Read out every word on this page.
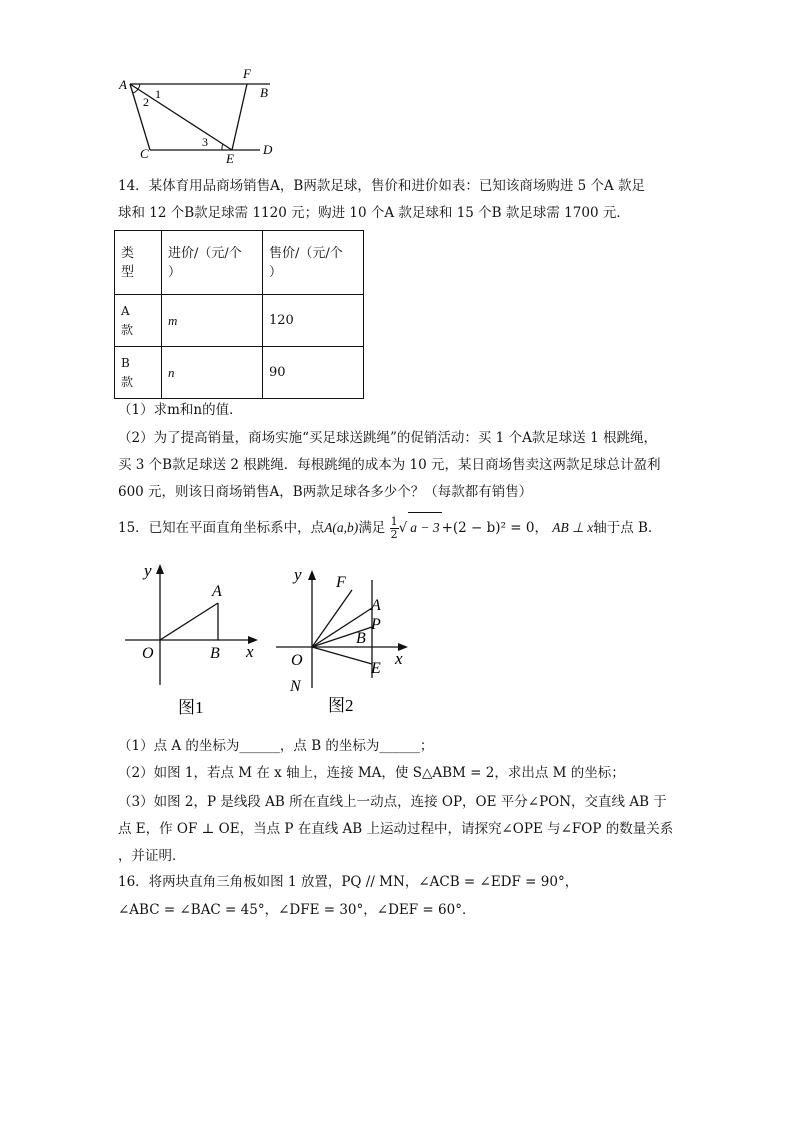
A
F
B
C	E
D
1
2
3
14．某体育用品商场销售A，B两款足球，售价和进价如表：已知该商场购进 5 个A 款足
球和 12 个B款足球需 1120 元；购进 10 个A 款足球和 15 个B 款足球需 1700 元．
类
型	进价/（元/个
）	售价/（元/个
）
A
款	m	120
B
款	n	90
（1）求m和n的值．
（2）为了提高销量，商场实施“买足球送跳绳”的促销活动：买 1 个A款足球送 1 根跳绳，
买 3 个B款足球送 2 根跳绳．每根跳绳的成本为 10 元，某日商场售卖这两款足球总计盈利
600 元，则该日商场销售A，B两款足球各多少个？（每款都有销售）
15．已知在平面直角坐标系中，点A(a,b)满足 $\frac{1}{2}$ √ a − 3 +(2 − b)² = 0， AB ⊥ x轴于点 B．
y
A
O	B x
图1
y F
A
P
B
O	E
x
N
图2
（1）点 A 的坐标为______，点 B 的坐标为______；
（2）如图 1，若点 M 在 x 轴上，连接 MA，使 S△ABM = 2，求出点 M 的坐标；
（3）如图 2，P 是线段 AB 所在直线上一动点，连接 OP，OE 平分∠PON，交直线 AB 于
点 E，作 OF ⊥ OE，当点 P 在直线 AB 上运动过程中，请探究∠OPE 与∠FOP 的数量关系
，并证明．
16．将两块直角三角板如图 1 放置，PQ // MN，∠ACB = ∠EDF = 90°，
∠ABC = ∠BAC = 45°，∠DFE = 30°，∠DEF = 60°．
